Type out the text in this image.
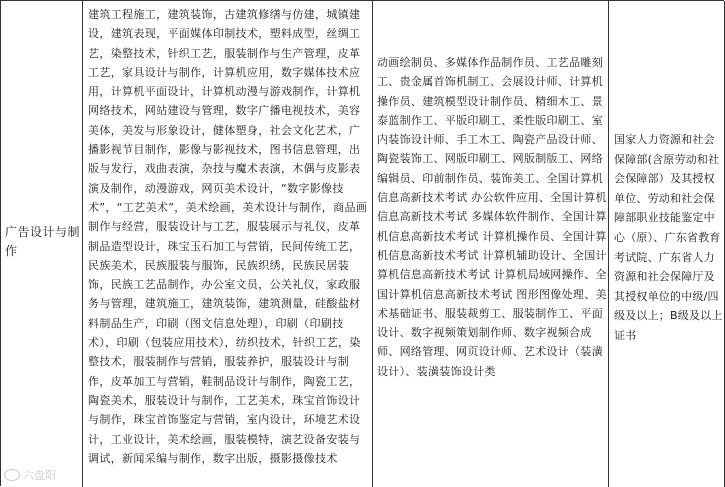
广告设计与制作
建筑工程施工，建筑装饰，古建筑修缮与仿建，城镇建设，建筑表现，平面媒体印制技术，塑料成型，丝绸工艺，染整技术，针织工艺，服装制作与生产管理，皮革工艺，家具设计与制作，计算机应用，数字媒体技术应用，计算机平面设计，计算机动漫与游戏制作，计算机网络技术，网站建设与管理，数字广播电视技术，美容美体，美发与形象设计，健体塑身，社会文化艺术，广播影视节目制作，影像与影视技术，图书信息管理，出版与发行，戏曲表演，杂技与魔术表演，木偶与皮影表演及制作，动漫游戏，网页美术设计，“数字影像技术”，“工艺美术”，美术绘画，美术设计与制作，商品画制作与经营，服装设计与工艺，服装展示与礼仪，皮革制品造型设计，珠宝玉石加工与营销，民间传统工艺，民族美术，民族服装与服饰，民族织绣，民族民居装饰，民族工艺品制作，办公室文员，公关礼仪，家政服务与管理，建筑施工，建筑装饰，建筑测量，硅酸盐材料制品生产，印刷（图文信息处理），印刷（印刷技术），印刷（包装应用技术），纺织技术，针织工艺，染整技术，服装制作与营销，服装养护，服装设计与制作，皮革加工与营销，鞋制品设计与制作，陶瓷工艺，陶瓷美术，服装设计与制作，工艺美术，珠宝首饰设计与制作，珠宝首饰鉴定与营销，室内设计，环境艺术设计，工业设计，美术绘画，服装模特，演艺设备安装与调试，新闻采编与制作，数字出版，摄影摄像技术
动画绘制员、多媒体作品制作员、工艺品雕刻工、贵金属首饰机制工、会展设计师、计算机操作员、建筑模型设计制作员、精细木工、景泰蓝制作工、平版印刷工、柔性版印刷工、室内装饰设计师、手工木工、陶瓷产品设计师、陶瓷装饰工、网版印刷工、网版制版工、网络编辑员、印前制作员、装饰美工、全国计算机信息高新技术考试 办公软件应用、全国计算机信息高新技术考试 多媒体软件制作、全国计算机信息高新技术考试 计算机操作员、全国计算机信息高新技术考试 计算机辅助设计、全国计算机信息高新技术考试 计算机局域网操作、全国计算机信息高新技术考试 图形图像处理、美术基础证书、服装裁剪工、服装制作工、平面设计、数字视频策划制作师、数字视频合成师、网络管理、网页设计师、艺术设计（装潢设计）、装潢装饰设计类
国家人力资源和社会保障部(含原劳动和社会保障部）及其授权单位、劳动和社会保障部职业技能鉴定中心（原）、广东省教育考试院、广东省人力资源和社会保障厅及其授权单位的中级/四级及以上；B级及以上证书
六盘阳
